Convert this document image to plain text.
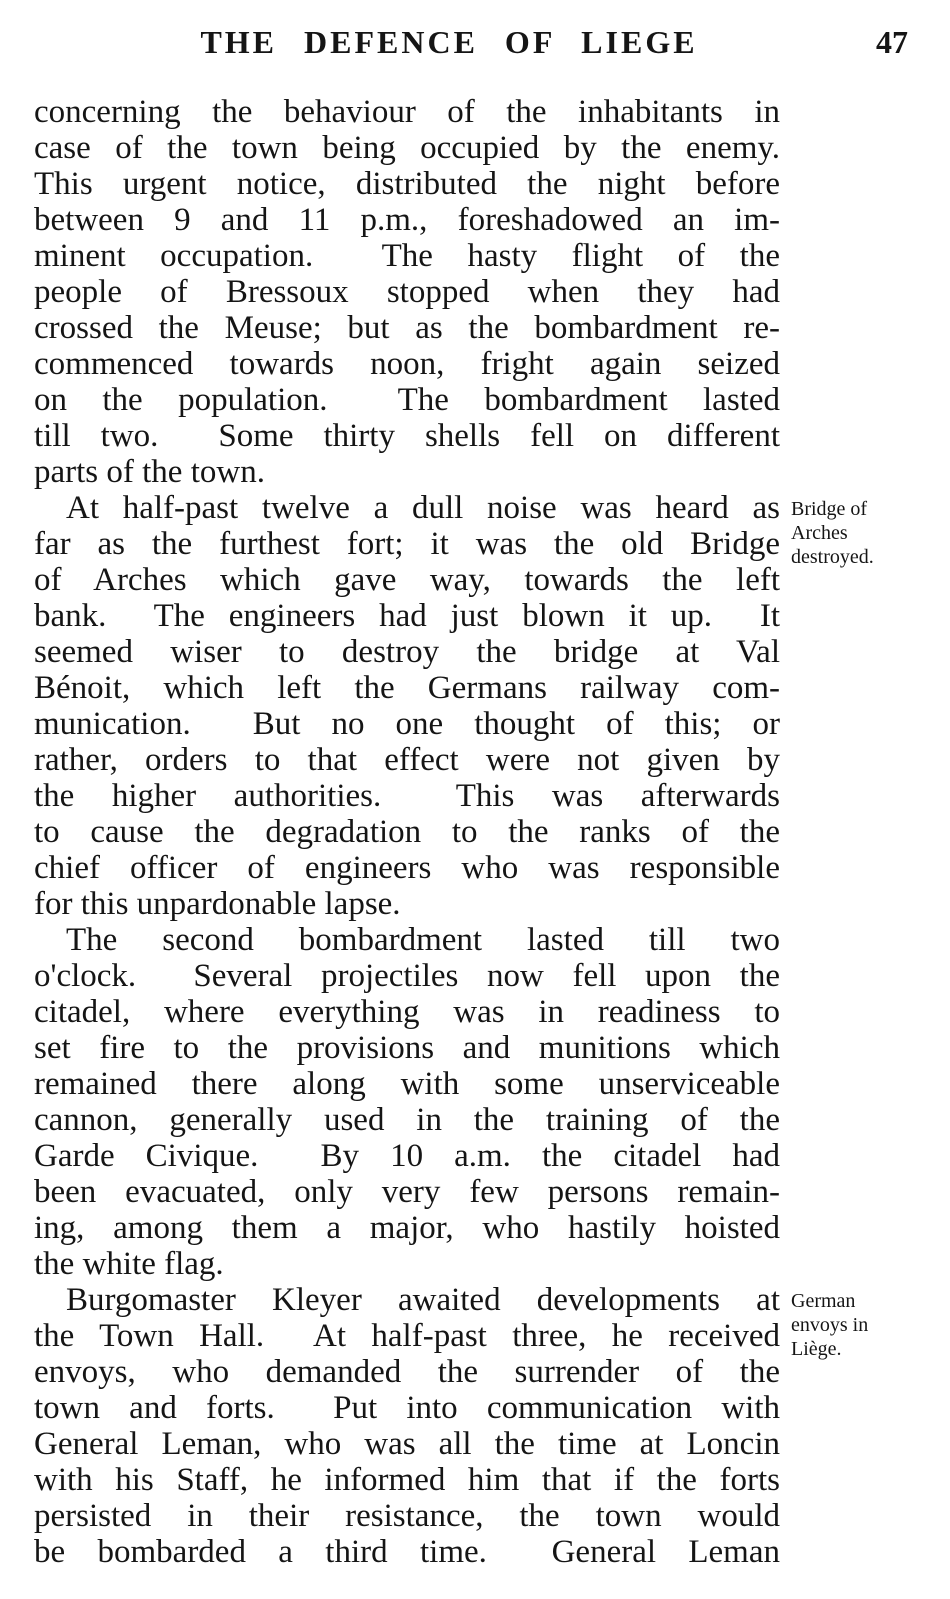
THE DEFENCE OF LIEGE	47
concerning the behaviour of the inhabitants in
case of the town being occupied by the enemy.
This urgent notice, distributed the night before
between 9 and 11 p.m., foreshadowed an im-
minent occupation.  The hasty flight of the
people of Bressoux stopped when they had
crossed the Meuse; but as the bombardment re-
commenced towards noon, fright again seized
on the population.  The bombardment lasted
till two.  Some thirty shells fell on different
parts of the town.
At half-past twelve a dull noise was heard as
far as the furthest fort; it was the old Bridge
of Arches which gave way, towards the left
bank.  The engineers had just blown it up.  It
seemed wiser to destroy the bridge at Val
Bénoit, which left the Germans railway com-
munication.  But no one thought of this; or
rather, orders to that effect were not given by
the higher authorities.  This was afterwards
to cause the degradation to the ranks of the
chief officer of engineers who was responsible
for this unpardonable lapse.
Bridge of
Arches
destroyed.
The second bombardment lasted till two
o'clock.  Several projectiles now fell upon the
citadel, where everything was in readiness to
set fire to the provisions and munitions which
remained there along with some unserviceable
cannon, generally used in the training of the
Garde Civique.  By 10 a.m. the citadel had
been evacuated, only very few persons remain-
ing, among them a major, who hastily hoisted
the white flag.
Burgomaster Kleyer awaited developments at
the Town Hall.  At half-past three, he received
envoys, who demanded the surrender of the
town and forts.  Put into communication with
General Leman, who was all the time at Loncin
with his Staff, he informed him that if the forts
persisted in their resistance, the town would
be bombarded a third time.  General Leman
German
envoys in
Liège.
